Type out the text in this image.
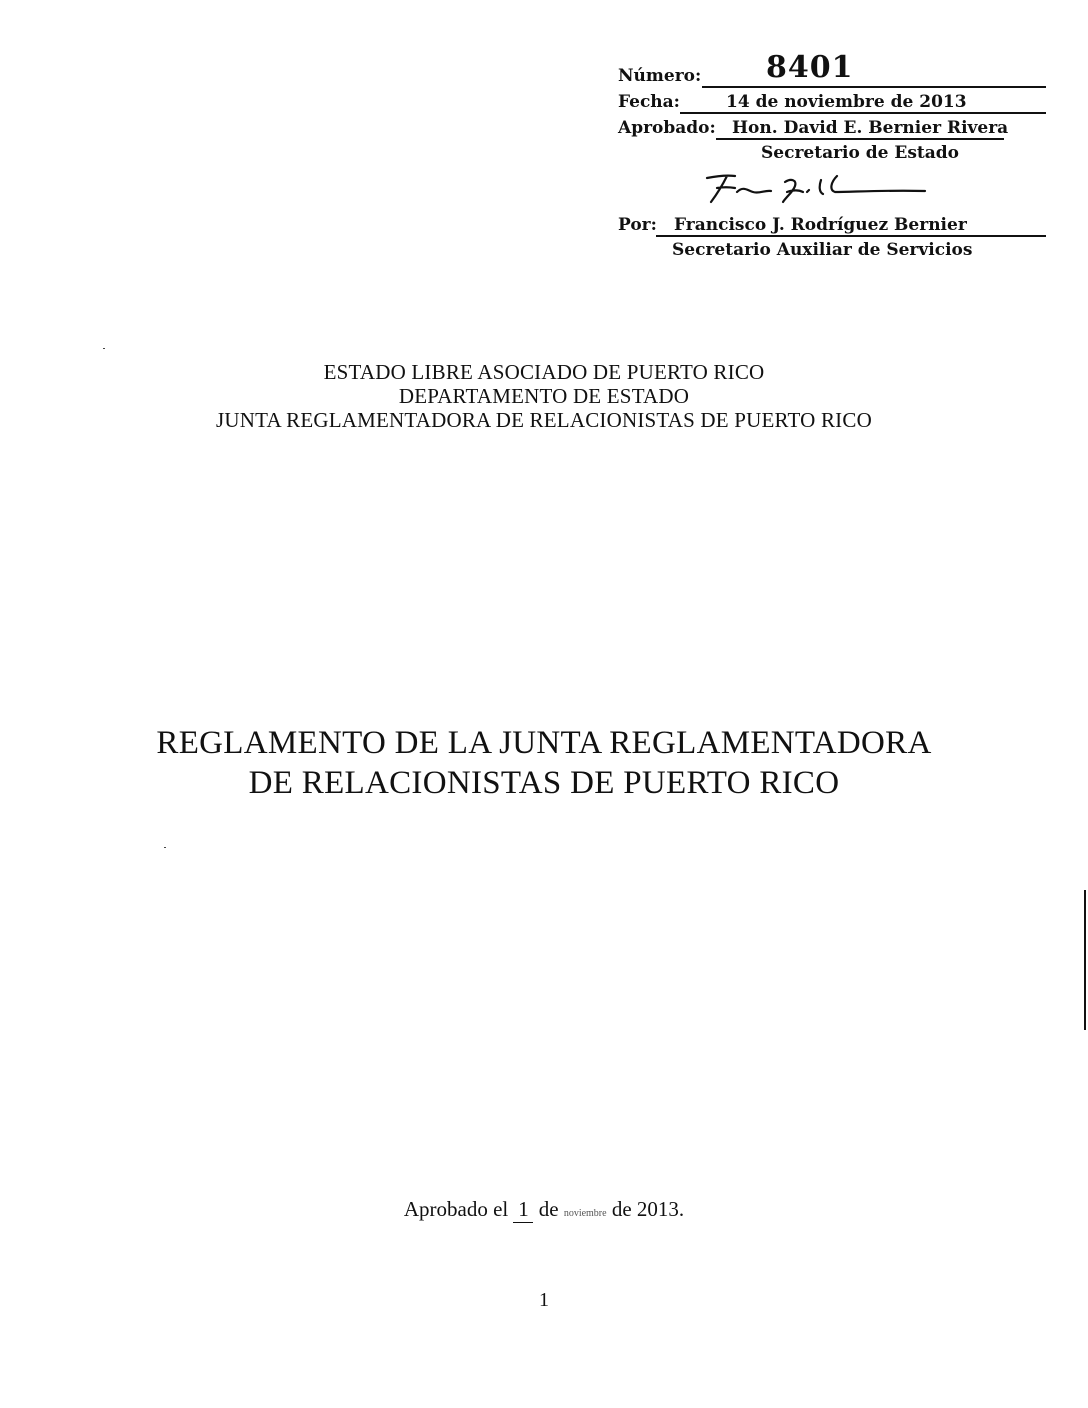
Número: 8401
Fecha:	14 de noviembre de 2013
Aprobado: Hon. David E. Bernier Rivera
Secretario de Estado
Por: Francisco J. Rodríguez Bernier
Secretario Auxiliar de Servicios
ESTADO LIBRE ASOCIADO DE PUERTO RICO
DEPARTAMENTO DE ESTADO
JUNTA REGLAMENTADORA DE RELACIONISTAS DE PUERTO RICO
REGLAMENTO DE LA JUNTA REGLAMENTADORA
DE RELACIONISTAS DE PUERTO RICO
Aprobado el 1 de noviembre de 2013.
1
